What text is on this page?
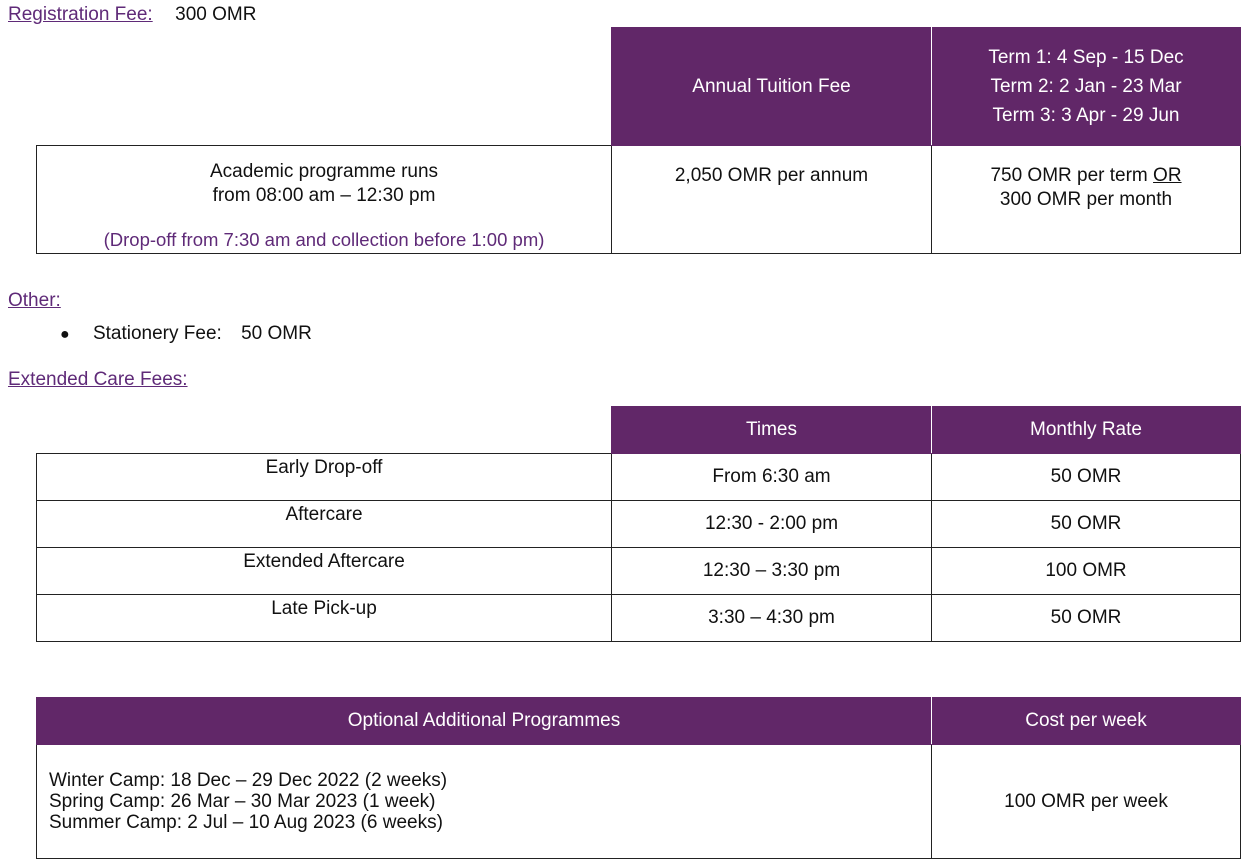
Registration Fee: 300 OMR
	Annual Tuition Fee	Term 1: 4 Sep - 15 Dec
Term 2: 2 Jan - 23 Mar
Term 3: 3 Apr - 29 Jun

Academic programme runs
from 08:00 am – 12:30 pm
(Drop-off from 7:30 am and collection before 1:00 pm)	2,050 OMR per annum	750 OMR per term OR
300 OMR per month
Other:
● Stationery Fee: 50 OMR
Extended Care Fees:
	Times	Monthly Rate
Early Drop-off	From 6:30 am	50 OMR
Aftercare	12:30 - 2:00 pm	50 OMR
Extended Aftercare	12:30 – 3:30 pm	100 OMR
Late Pick-up	3:30 – 4:30 pm	50 OMR
Optional Additional Programmes	Cost per week

Winter Camp: 18 Dec – 29 Dec 2022 (2 weeks)
Spring Camp: 26 Mar – 30 Mar 2023 (1 week)
Summer Camp: 2 Jul – 10 Aug 2023 (6 weeks)	100 OMR per week
